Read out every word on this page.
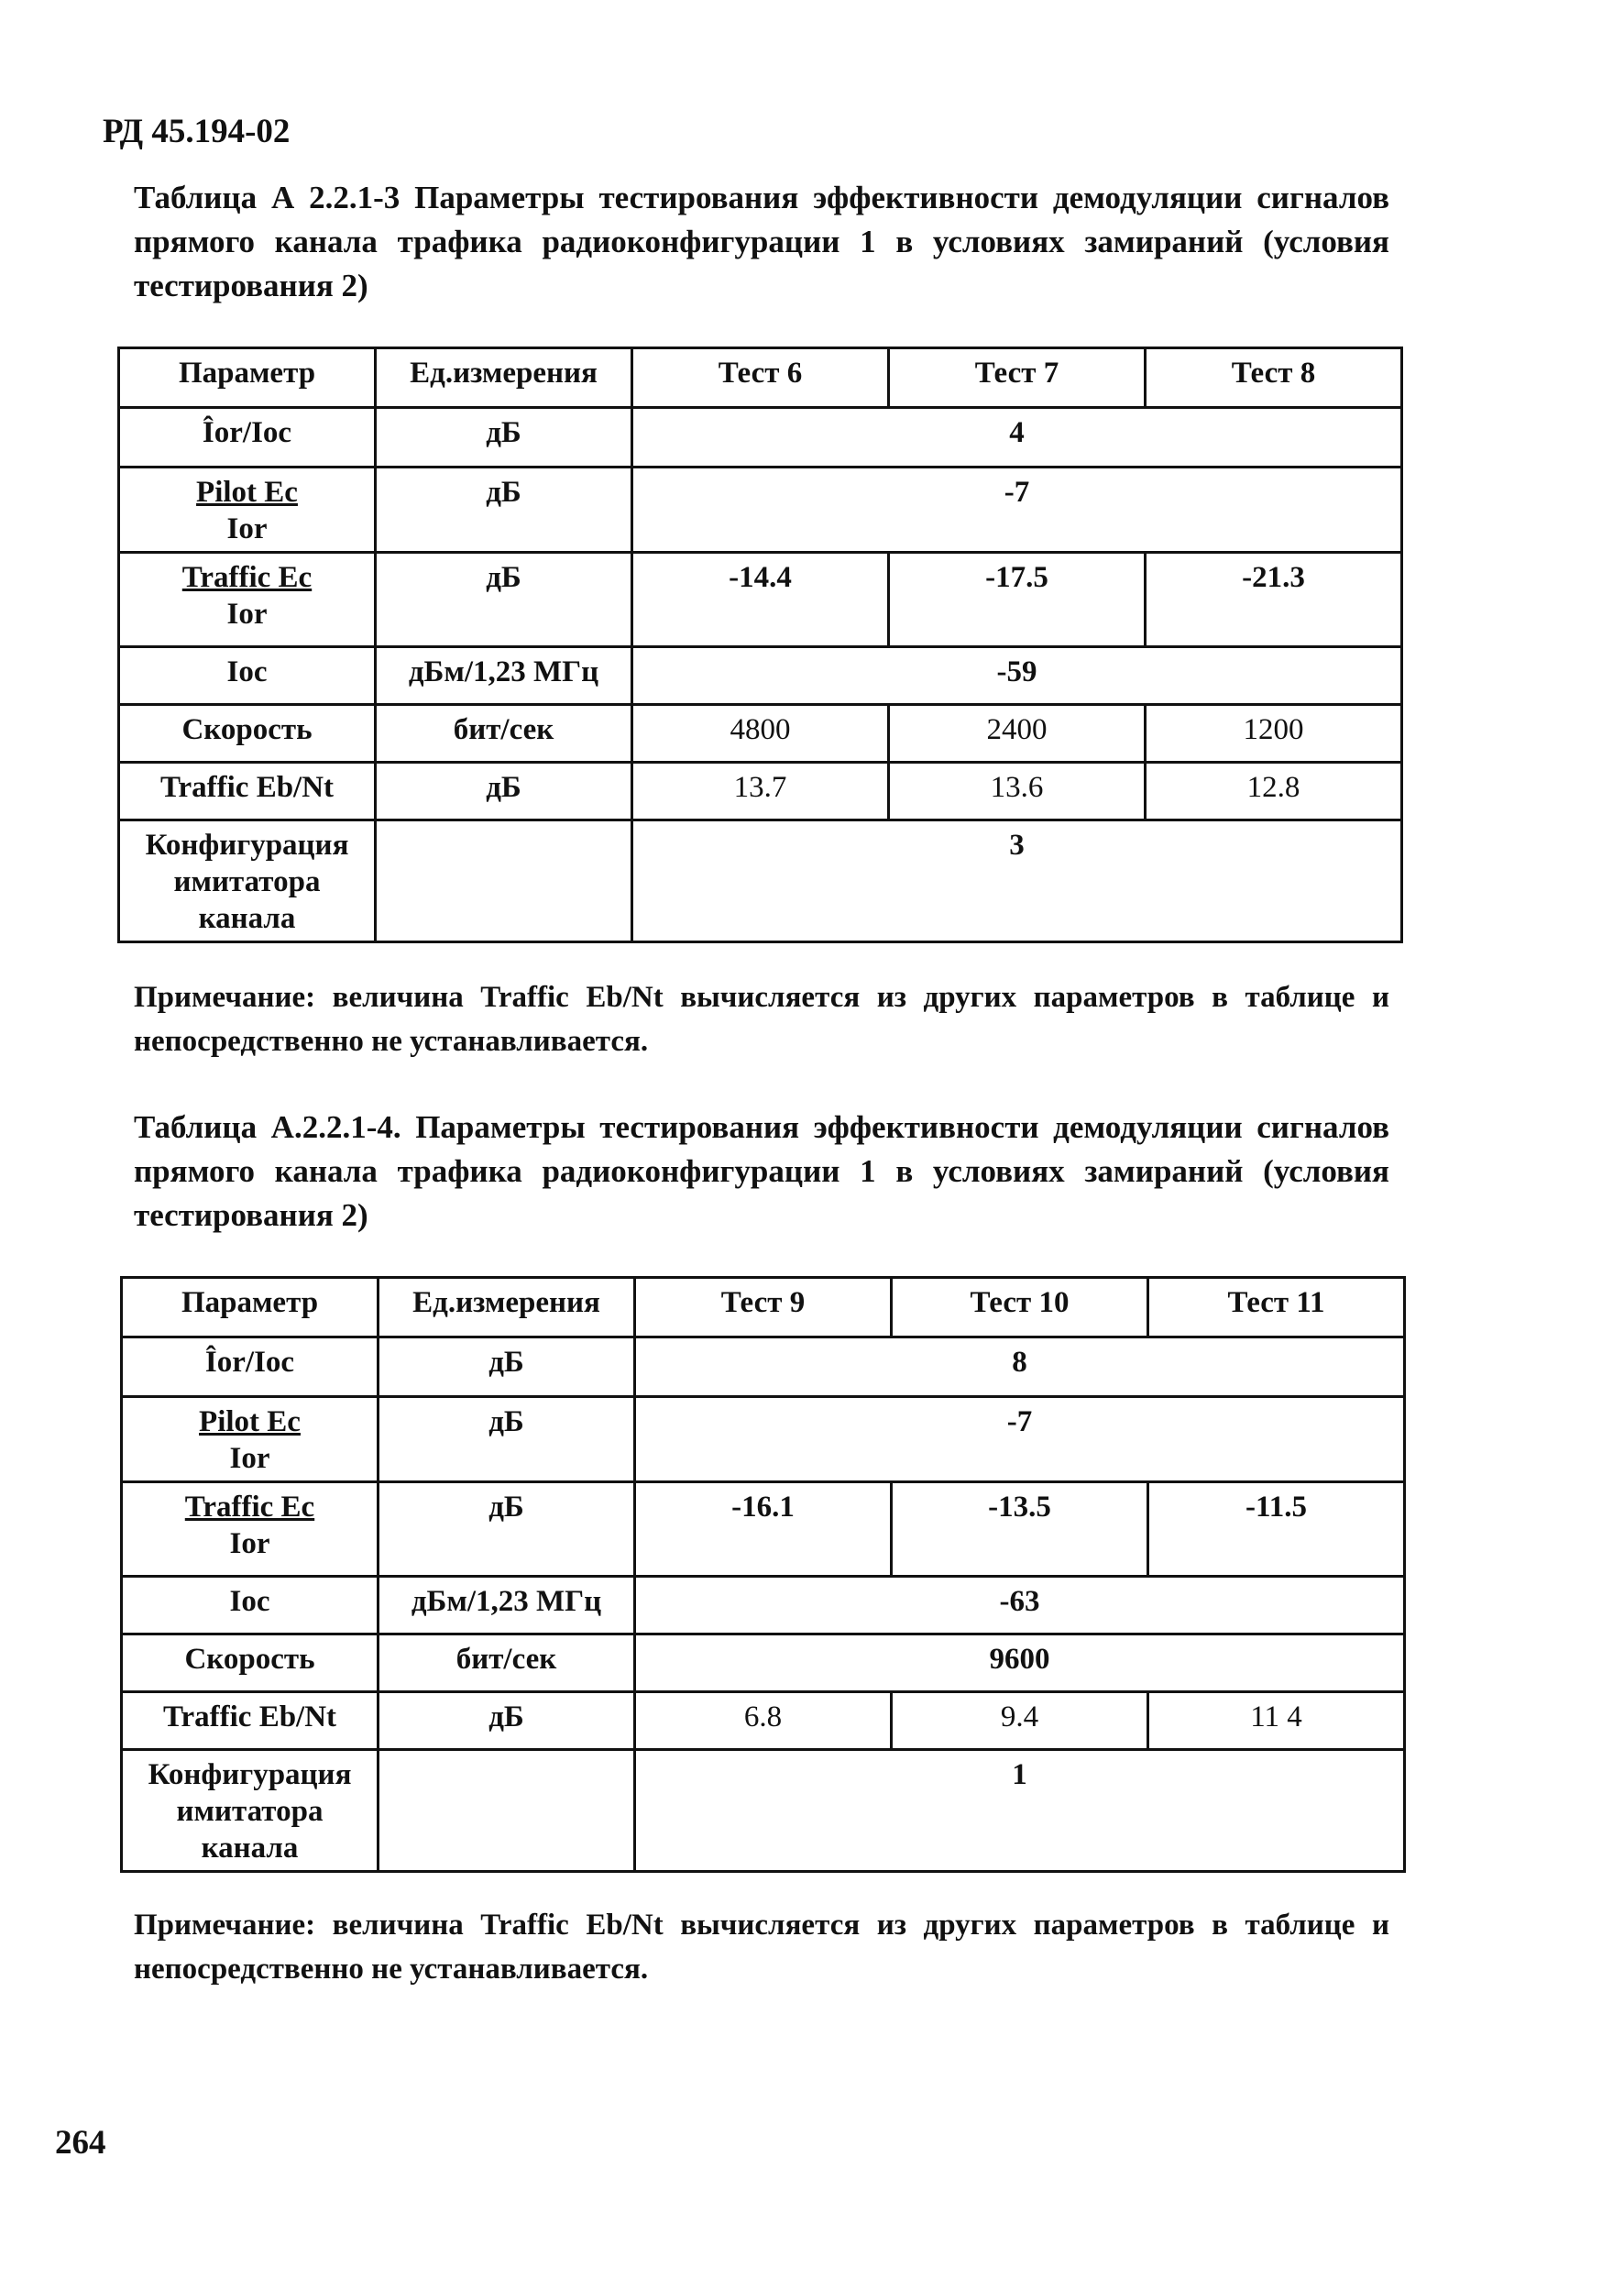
РД 45.194-02

Таблица А 2.2.1-3 Параметры тестирования эффективности демодуляции сигналов прямого канала трафика радиоконфигурации 1 в условиях замираний (условия тестирования 2)

Параметр	Ед.измерения	Тест 6	Тест 7	Тест 8
Îor/Ioc	дБ	4		
Pilot Ec
Ior	дБ	-7		
Traffic Ec
Ior	дБ	-14.4	-17.5	-21.3
Ioc	дБм/1,23 МГц	-59		
Скорость	бит/сек	4800	2400	1200
Traffic Eb/Nt	дБ	13.7	13.6	12.8
Конфигурация имитатора канала		3		

Примечание: величина Traffic Eb/Nt вычисляется из других параметров в таблице и непосредственно не устанавливается.

Таблица А.2.2.1-4. Параметры тестирования эффективности демодуляции сигналов прямого канала трафика радиоконфигурации 1 в условиях замираний (условия тестирования 2)

Параметр	Ед.измерения	Тест 9	Тест 10	Тест 11
Îor/Ioc	дБ	8		
Pilot Ec
Ior	дБ	-7		
Traffic Ec
Ior	дБ	-16.1	-13.5	-11.5
Ioc	дБм/1,23 МГц	-63		
Скорость	бит/сек	9600		
Traffic Eb/Nt	дБ	6.8	9.4	11 4
Конфигурация имитатора канала		1		

Примечание: величина Traffic Eb/Nt вычисляется из других параметров в таблице и непосредственно не устанавливается.

264
